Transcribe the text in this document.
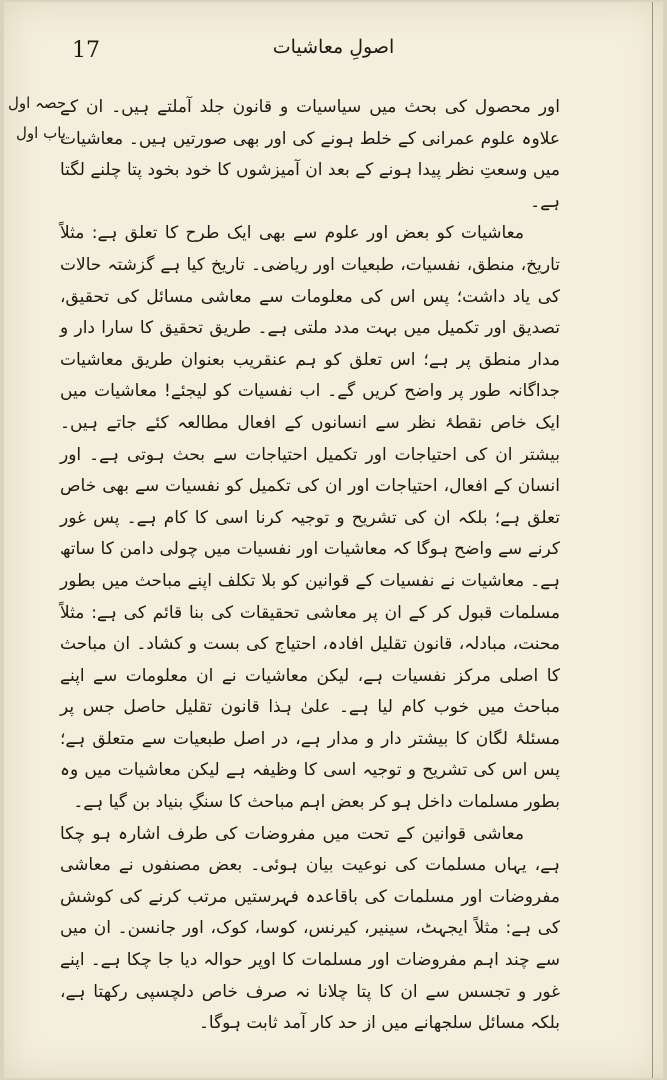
اصولِ معاشیات
17
حصہ اول
باب اول

اور محصول کی بحث میں سیاسیات و قانون جلد آملتے ہیں۔ ان کے علاوہ علوم عمرانی کے خلط ہونے کی اور بھی صورتیں ہیں۔ معاشیات میں وسعتِ نظر پیدا ہونے کے بعد ان آمیزشوں کا خود بخود پتا چلنے لگتا ہے۔

معاشیات کو بعض اور علوم سے بھی ایک طرح کا تعلق ہے: مثلاً تاریخ، منطق، نفسیات، طبعیات اور ریاضی۔ تاریخ کیا ہے گزشتہ حالات کی یاد داشت؛ پس اس کی معلومات سے معاشی مسائل کی تحقیق، تصدیق اور تکمیل میں بہت مدد ملتی ہے۔ طریق تحقیق کا سارا دار و مدار منطق پر ہے؛ اس تعلق کو ہم عنقریب بعنوان طریق معاشیات جداگانہ طور پر واضح کریں گے۔ اب نفسیات کو لیجئے! معاشیات میں ایک خاص نقطۂ نظر سے انسانوں کے افعال مطالعہ کئے جاتے ہیں۔ بیشتر ان کی احتیاجات اور تکمیل احتیاجات سے بحث ہوتی ہے۔ اور انسان کے افعال، احتیاجات اور ان کی تکمیل کو نفسیات سے بھی خاص تعلق ہے؛ بلکہ ان کی تشریح و توجیہ کرنا اسی کا کام ہے۔ پس غور کرنے سے واضح ہوگا کہ معاشیات اور نفسیات میں چولی دامن کا ساتھ ہے۔ معاشیات نے نفسیات کے قوانین کو بلا تکلف اپنے مباحث میں بطور مسلمات قبول کر کے ان پر معاشی تحقیقات کی بنا قائم کی ہے: مثلاً محنت، مبادلہ، قانون تقلیل افادہ، احتیاج کی بست و کشاد۔ ان مباحث کا اصلی مرکز نفسیات ہے، لیکن معاشیات نے ان معلومات سے اپنے مباحث میں خوب کام لیا ہے۔ علیٰ ہذا قانون تقلیل حاصل جس پر مسئلۂ لگان کا بیشتر دار و مدار ہے، در اصل طبعیات سے متعلق ہے؛ پس اس کی تشریح و توجیہ اسی کا وظیفہ ہے لیکن معاشیات میں وہ بطور مسلمات داخل ہو کر بعض اہم مباحث کا سنگِ بنیاد بن گیا ہے۔

معاشی قوانین کے تحت میں مفروضات کی طرف اشارہ ہو چکا ہے، یہاں مسلمات کی نوعیت بیان ہوئی۔ بعض مصنفوں نے معاشی مفروضات اور مسلمات کی باقاعدہ فہرستیں مرتب کرنے کی کوشش کی ہے: مثلاً ایجہٹ، سینیر، کیرنس، کوسا، کوک، اور جانسن۔ ان میں سے چند اہم مفروضات اور مسلمات کا اوپر حوالہ دیا جا چکا ہے۔ اپنے غور و تجسس سے ان کا پتا چلانا نہ صرف خاص دلچسپی رکھتا ہے، بلکہ مسائل سلجھانے میں از حد کار آمد ثابت ہوگا۔
